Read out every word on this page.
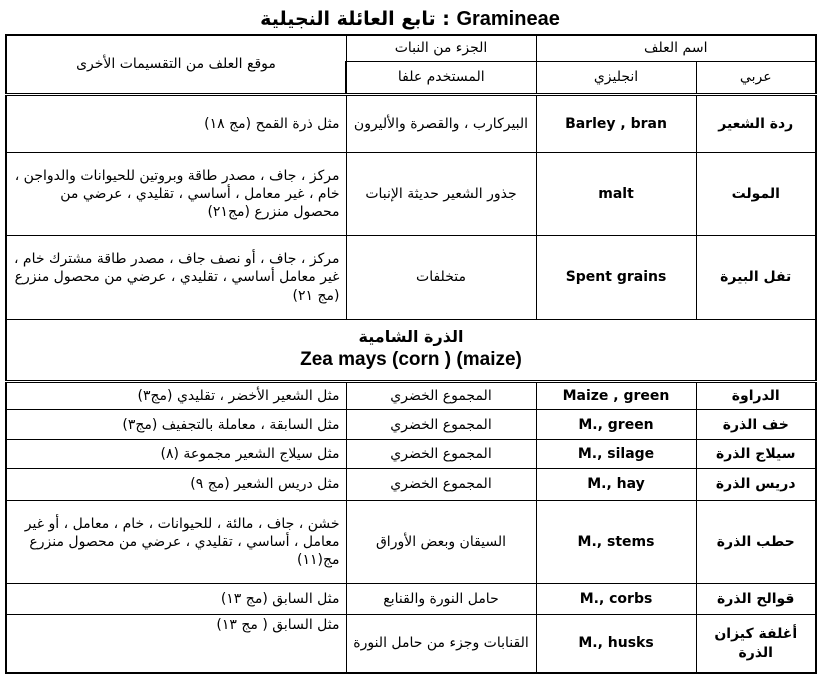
تابع العائلة النجيلية : Gramineae
اسم العلف		الجزء من النبات	موقع العلف من التقسيمات الأخرى
عربي	انجليزي	المستخدم علفا	
ردة الشعير	Barley , bran	البيركارب ، والقصرة والأليرون	مثل ذرة القمح (مج ١٨)
المولت	malt	جذور الشعير حديثة الإنبات	مركز ، جاف ، مصدر طاقة وبروتين للحيوانات والدواجن ، خام ، غير معامل ، أساسي ، تقليدي ، عرضي من محصول منزرع (مج٢١)
تفل البيرة	Spent grains	متخلفات	مركز ، جاف ، أو نصف جاف ، مصدر طاقة مشترك خام ، غير معامل أساسي ، تقليدي ، عرضي من محصول منزرع (مج ٢١)

الذرة الشامية
Zea mays (corn ) (maize)			

الدراوة	Maize , green	المجموع الخضري	مثل الشعير الأخضر ، تقليدي (مج٣)
خف الذرة	M., green	المجموع الخضري	مثل السابقة ، معاملة بالتجفيف (مج٣)
سيلاج الذرة	M., silage	المجموع الخضري	مثل سيلاج الشعير مجموعة (٨)
دريس الذرة	M., hay	المجموع الخضري	مثل دريس الشعير (مج ٩)
حطب الذرة	M., stems	السيقان وبعض الأوراق	خشن ، جاف ، مالئة ، للحيوانات ، خام ، معامل ، أو غير معامل ، أساسي ، تقليدي ، عرضي من محصول منزرع مج(١١)
قوالح الذرة	M., corbs	حامل النورة والقنابع	مثل السابق (مج ١٣)
أغلفة كيزان الذرة	M., husks	القنابات وجزء من حامل النورة	مثل السابق ( مج ١٣)
